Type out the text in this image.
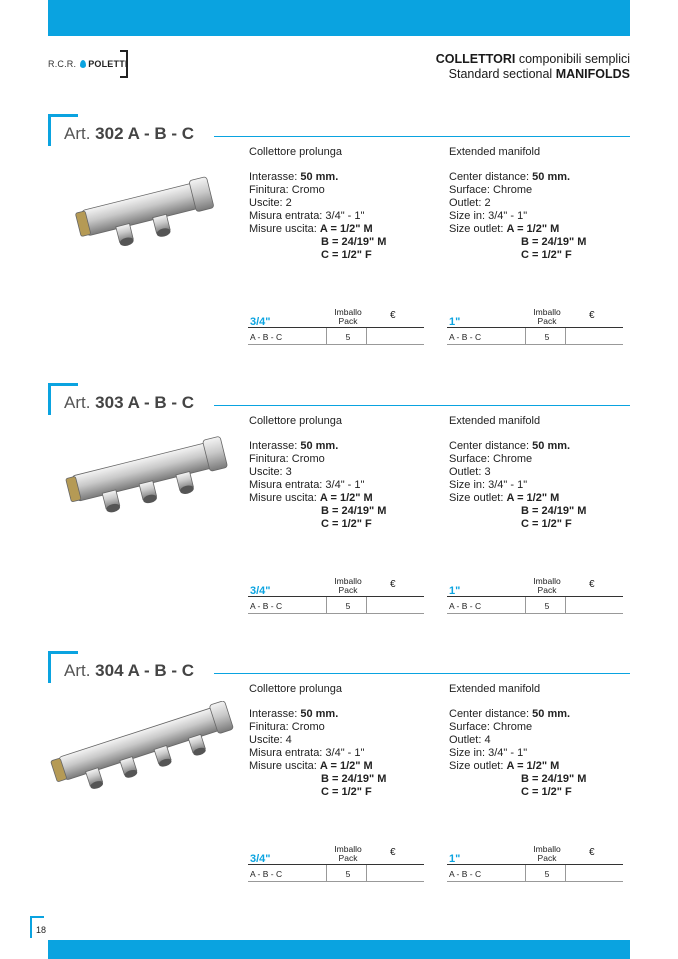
R.C.R. POLETTI	COLLETTORI componibili semplici
Standard sectional MANIFOLDS
Art. 302 A - B - C
Collettore prolunga
Interasse: 50 mm.
Finitura: Cromo
Uscite: 2
Misura entrata: 3/4" - 1"
Misure uscita: A = 1/2" M
B = 24/19" M
C = 1/2" F
Extended manifold
Center distance: 50 mm.
Surface: Chrome
Outlet: 2
Size in: 3/4" - 1"
Size outlet: A = 1/2" M
B = 24/19" M
C = 1/2" F
3/4"
Imballo
Pack	€
A - B - C	5
1"
Imballo
Pack	€
A - B - C	5
Art. 303 A - B - C
Collettore prolunga
Interasse: 50 mm.
Finitura: Cromo
Uscite: 3
Misura entrata: 3/4" - 1"
Misure uscita: A = 1/2" M
B = 24/19" M
C = 1/2" F
Extended manifold
Center distance: 50 mm.
Surface: Chrome
Outlet: 3
Size in: 3/4" - 1"
Size outlet: A = 1/2" M
B = 24/19" M
C = 1/2" F
3/4"
Imballo
Pack	€
A - B - C	5
1"
Imballo
Pack	€
A - B - C	5
Art. 304 A - B - C
Collettore prolunga
Interasse: 50 mm.
Finitura: Cromo
Uscite: 4
Misura entrata: 3/4" - 1"
Misure uscita: A = 1/2" M
B = 24/19" M
C = 1/2" F
Extended manifold
Center distance: 50 mm.
Surface: Chrome
Outlet: 4
Size in: 3/4" - 1"
Size outlet: A = 1/2" M
B = 24/19" M
C = 1/2" F
3/4"
Imballo
Pack	€
A - B - C	5
1"
Imballo
Pack	€
A - B - C	5
18
